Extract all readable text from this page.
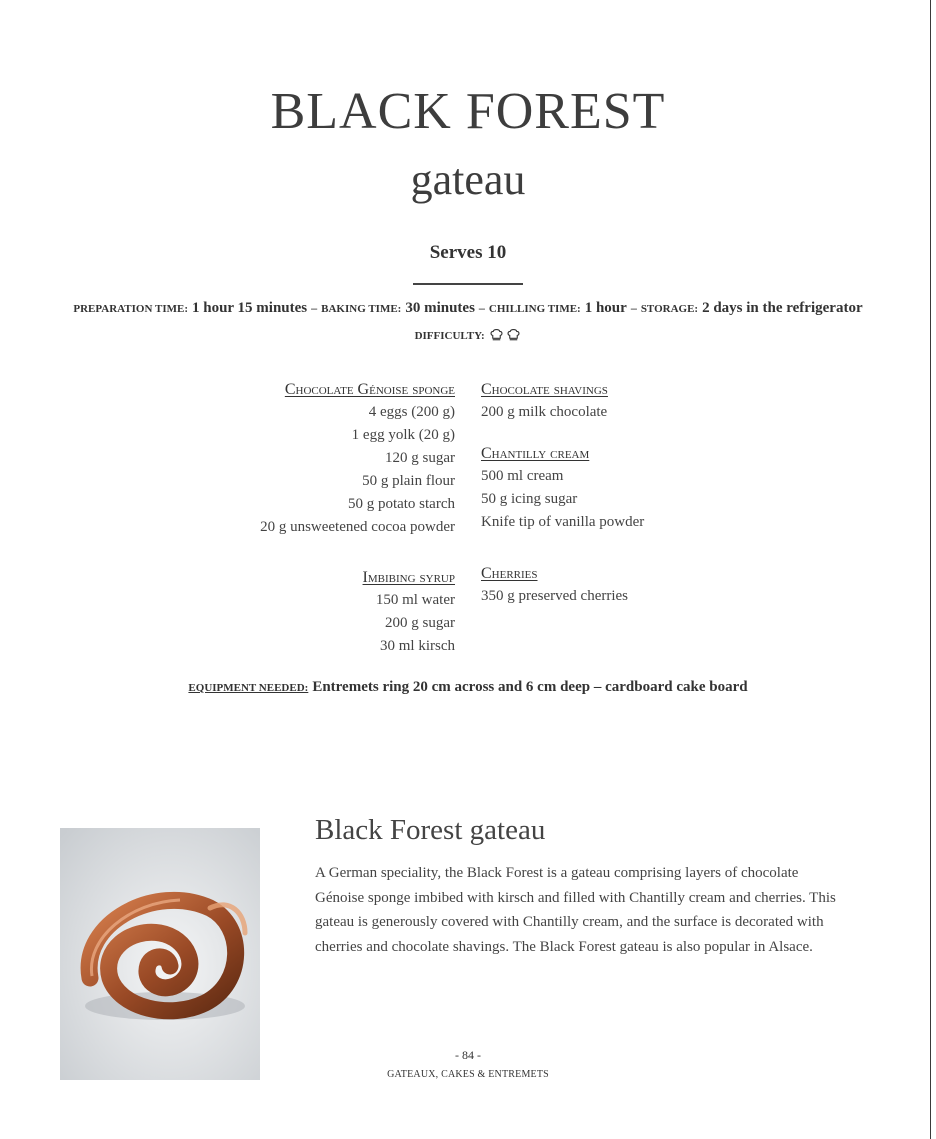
BLACK FOREST
gateau
Serves 10
PREPARATION TIME: 1 hour 15 minutes – BAKING TIME: 30 minutes – CHILLING TIME: 1 hour – STORAGE: 2 days in the refrigerator
DIFFICULTY:
Chocolate Génoise sponge
4 eggs (200 g)
1 egg yolk (20 g)
120 g sugar
50 g plain flour
50 g potato starch
20 g unsweetened cocoa powder
Imbibing syrup
150 ml water
200 g sugar
30 ml kirsch
Chocolate shavings
200 g milk chocolate
Chantilly cream
500 ml cream
50 g icing sugar
Knife tip of vanilla powder
Cherries
350 g preserved cherries
EQUIPMENT NEEDED: Entremets ring 20 cm across and 6 cm deep – cardboard cake board
Black Forest gateau
A German speciality, the Black Forest is a gateau comprising layers of chocolate Génoise sponge imbibed with kirsch and filled with Chantilly cream and cherries. This gateau is generously covered with Chantilly cream, and the surface is decorated with cherries and chocolate shavings. The Black Forest gateau is also popular in Alsace.
- 84 -
GATEAUX, CAKES & ENTREMETS
